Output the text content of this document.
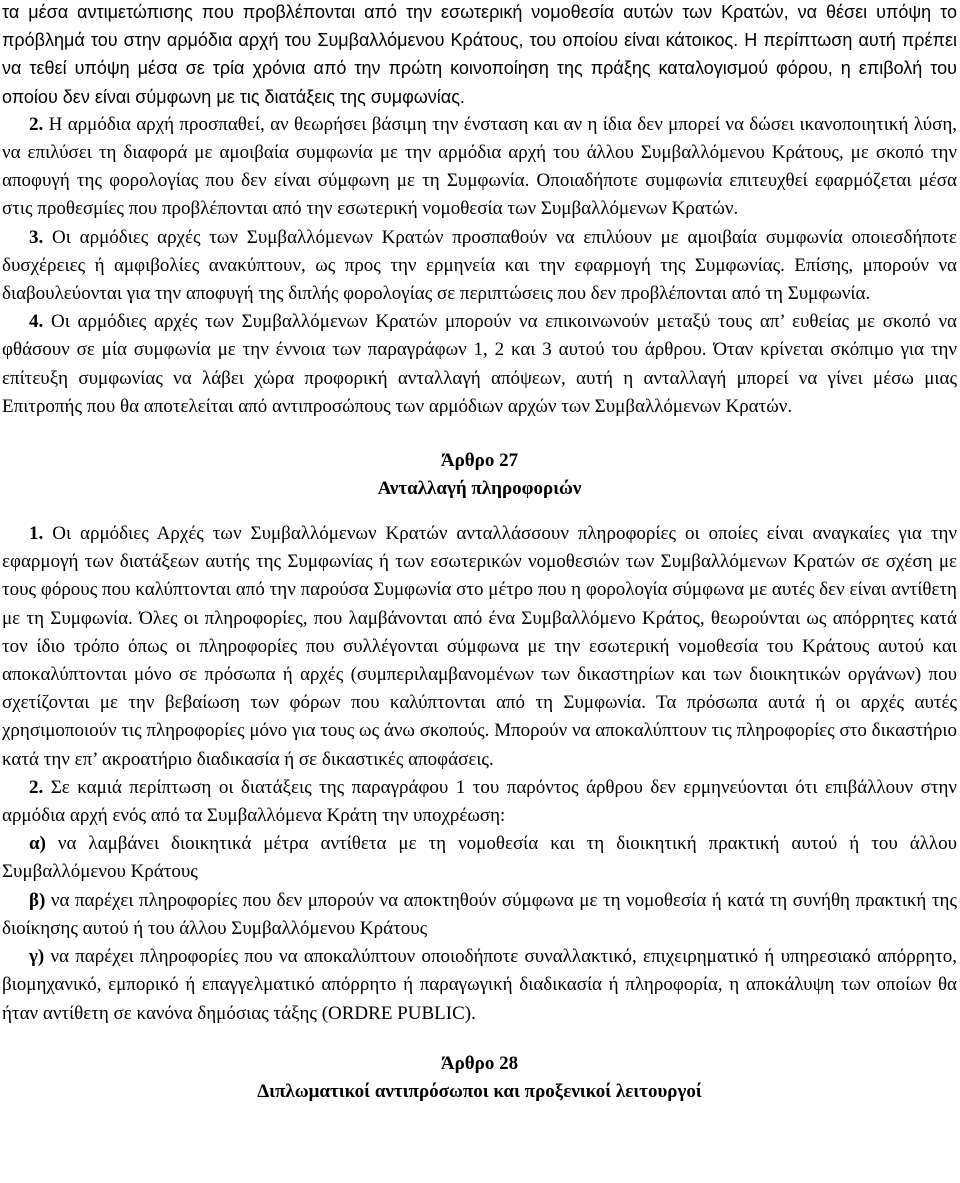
τα μέσα αντιμετώπισης που προβλέπονται από την εσωτερική νομοθεσία αυτών των Κρατών, να θέσει υπόψη το πρόβλημά του στην αρμόδια αρχή του Συμβαλλόμενου Κράτους, του οποίου είναι κάτοικος. Η περίπτωση αυτή πρέπει να τεθεί υπόψη μέσα σε τρία χρόνια από την πρώτη κοινοποίηση της πράξης καταλογισμού φόρου, η επιβολή του οποίου δεν είναι σύμφωνη με τις διατάξεις της συμφωνίας.

2. Η αρμόδια αρχή προσπαθεί, αν θεωρήσει βάσιμη την ένσταση και αν η ίδια δεν μπορεί να δώσει ικανοποιητική λύση, να επιλύσει τη διαφορά με αμοιβαία συμφωνία με την αρμόδια αρχή του άλλου Συμβαλλόμενου Κράτους, με σκοπό την αποφυγή της φορολογίας που δεν είναι σύμφωνη με τη Συμφωνία. Οποιαδήποτε συμφωνία επιτευχθεί εφαρμόζεται μέσα στις προθεσμίες που προβλέπονται από την εσωτερική νομοθεσία των Συμβαλλόμενων Κρατών.

3. Οι αρμόδιες αρχές των Συμβαλλόμενων Κρατών προσπαθούν να επιλύουν με αμοιβαία συμφωνία οποιεσδήποτε δυσχέρειες ή αμφιβολίες ανακύπτουν, ως προς την ερμηνεία και την εφαρμογή της Συμφωνίας. Επίσης, μπορούν να διαβουλεύονται για την αποφυγή της διπλής φορολογίας σε περιπτώσεις που δεν προβλέπονται από τη Συμφωνία.

4. Οι αρμόδιες αρχές των Συμβαλλόμενων Κρατών μπορούν να επικοινωνούν μεταξύ τους απ’ ευθείας με σκοπό να φθάσουν σε μία συμφωνία με την έννοια των παραγράφων 1, 2 και 3 αυτού του άρθρου. Όταν κρίνεται σκόπιμο για την επίτευξη συμφωνίας να λάβει χώρα προφορική ανταλλαγή απόψεων, αυτή η ανταλλαγή μπορεί να γίνει μέσω μιας Επιτροπής που θα αποτελείται από αντιπροσώπους των αρμόδιων αρχών των Συμβαλλόμενων Κρατών.

Άρθρο 27
Ανταλλαγή πληροφοριών

1. Οι αρμόδιες Αρχές των Συμβαλλόμενων Κρατών ανταλλάσσουν πληροφορίες οι οποίες είναι αναγκαίες για την εφαρμογή των διατάξεων αυτής της Συμφωνίας ή των εσωτερικών νομοθεσιών των Συμβαλλόμενων Κρατών σε σχέση με τους φόρους που καλύπτονται από την παρούσα Συμφωνία στο μέτρο που η φορολογία σύμφωνα με αυτές δεν είναι αντίθετη με τη Συμφωνία. Όλες οι πληροφορίες, που λαμβάνονται από ένα Συμβαλλόμενο Κράτος, θεωρούνται ως απόρρητες κατά τον ίδιο τρόπο όπως οι πληροφορίες που συλλέγονται σύμφωνα με την εσωτερική νομοθεσία του Κράτους αυτού και αποκαλύπτονται μόνο σε πρόσωπα ή αρχές (συμπεριλαμβανομένων των δικαστηρίων και των διοικητικών οργάνων) που σχετίζονται με την βεβαίωση των φόρων που καλύπτονται από τη Συμφωνία. Τα πρόσωπα αυτά ή οι αρχές αυτές χρησιμοποιούν τις πληροφορίες μόνο για τους ως άνω σκοπούς. Μπορούν να αποκαλύπτουν τις πληροφορίες στο δικαστήριο κατά την επ’ ακροατήριο διαδικασία ή σε δικαστικές αποφάσεις.

2. Σε καμιά περίπτωση οι διατάξεις της παραγράφου 1 του παρόντος άρθρου δεν ερμηνεύονται ότι επιβάλλουν στην αρμόδια αρχή ενός από τα Συμβαλλόμενα Κράτη την υποχρέωση:

α) να λαμβάνει διοικητικά μέτρα αντίθετα με τη νομοθεσία και τη διοικητική πρακτική αυτού ή του άλλου Συμβαλλόμενου Κράτους

β) να παρέχει πληροφορίες που δεν μπορούν να αποκτηθούν σύμφωνα με τη νομοθεσία ή κατά τη συνήθη πρακτική της διοίκησης αυτού ή του άλλου Συμβαλλόμενου Κράτους

γ) να παρέχει πληροφορίες που να αποκαλύπτουν οποιοδήποτε συναλλακτικό, επιχειρηματικό ή υπηρεσιακό απόρρητο, βιομηχανικό, εμπορικό ή επαγγελματικό απόρρητο ή παραγωγική διαδικασία ή πληροφορία, η αποκάλυψη των οποίων θα ήταν αντίθετη σε κανόνα δημόσιας τάξης (ORDRE PUBLIC).

Άρθρο 28
Διπλωματικοί αντιπρόσωποι και προξενικοί λειτουργοί
